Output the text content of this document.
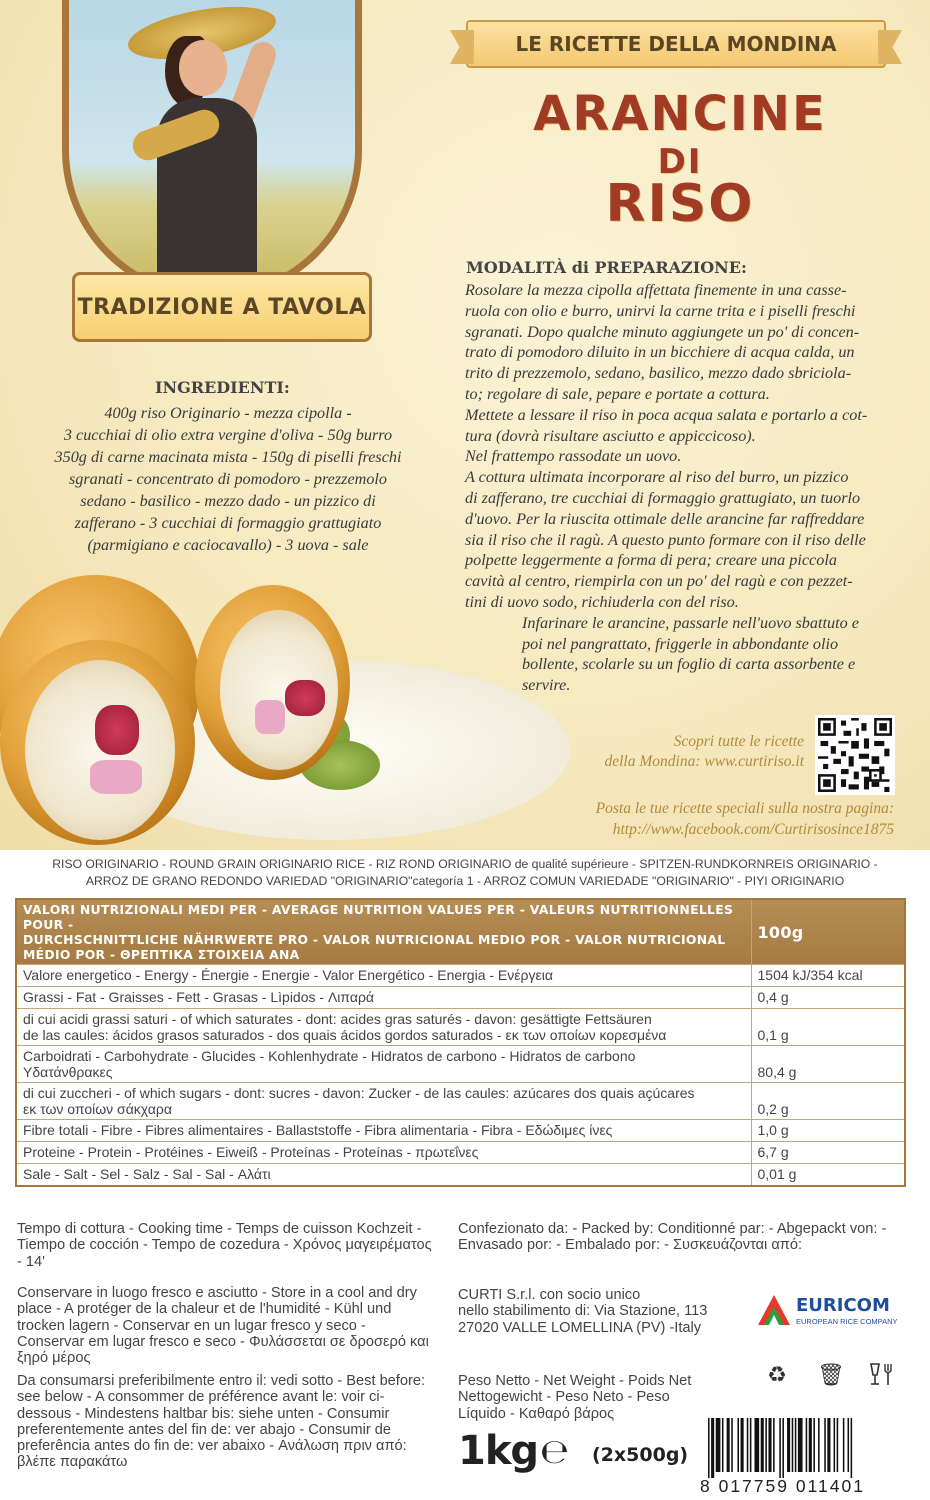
TRADIZIONE A TAVOLA
LE RICETTE DELLA MONDINA
ARANCINE
DI
RISO
MODALITÀ di PREPARAZIONE:

Rosolare la mezza cipolla affettata finemente in una casse-

ruola con olio e burro, unirvi la carne trita e i piselli freschi

sgranati. Dopo qualche minuto aggiungete un po' di concen-

trato di pomodoro diluito in un bicchiere di acqua calda, un

trito di prezzemolo, sedano, basilico, mezzo dado sbriciola-

to; regolare di sale, pepare e portate a cottura.

Mettete a lessare il riso in poca acqua salata e portarlo a cot-

tura (dovrà risultare asciutto e appiccicoso).

Nel frattempo rassodate un uovo.

A cottura ultimata incorporare al riso del burro, un pizzico

di zafferano, tre cucchiai di formaggio grattugiato, un tuorlo

d'uovo. Per la riuscita ottimale delle arancine far raffreddare

sia il riso che il ragù. A questo punto formare con il riso delle

polpette leggermente a forma di pera; creare una piccola

cavità al centro, riempirla con un po' del ragù e con pezzet-

tini di uovo sodo, richiuderla con del riso.

Infarinare le arancine, passarle nell'uovo sbattuto e

poi nel pangrattato, friggerle in abbondante olio

bollente, scolarle su un foglio di carta assorbente e

servire.

INGREDIENTI:
400g riso Originario - mezza cipolla -
3 cucchiai di olio extra vergine d'oliva - 50g burro
350g di carne macinata mista - 150g di piselli freschi
sgranati - concentrato di pomodoro - prezzemolo
sedano - basilico - mezzo dado - un pizzico di
zafferano - 3 cucchiai di formaggio grattugiato
(parmigiano e caciocavallo) - 3 uova - sale
Scopri tutte le ricette
della Mondina: www.curtiriso.it
Posta le tue ricette speciali sulla nostra pagina:
http://www.facebook.com/Curtirisosince1875
RISO ORIGINARIO - ROUND GRAIN ORIGINARIO RICE - RIZ ROND ORIGINARIO de qualité supérieure - SPITZEN-RUNDKORNREIS ORIGINARIO -
ARROZ DE GRANO REDONDO VARIEDAD "ORIGINARIO"categoría 1 - ARROZ COMUN VARIEDADE "ORIGINARIO" - PIYI ORIGINARIO
VALORI NUTRIZIONALI MEDI PER - AVERAGE NUTRITION VALUES PER - VALEURS NUTRITIONNELLES POUR -
DURCHSCHNITTLICHE NÄHRWERTE PRO - VALOR NUTRICIONAL MEDIO POR - VALOR NUTRICIONAL MÉDIO POR - ΘΡΕΠΤΙΚΑ ΣΤΟΙΧΕΙΑ ΑΝΑ	100g
Valore energetico - Energy - Énergie - Energie - Valor Energético - Energia - Ενέργεια	1504 kJ/354 kcal
Grassi - Fat - Graisses - Fett - Grasas - Lìpidos - Λιπαρά	0,4 g

di cui acidi grassi saturi - of which saturates - dont: acides gras saturés - davon: gesättigte Fettsäuren
de las caules: ácidos grasos saturados - dos quais ácidos gordos saturados - εκ των οποίων κορεσμένα	0,1 g

Carboidrati - Carbohydrate - Glucides - Kohlenhydrate - Hidratos de carbono - Hidratos de carbono
Υδατάνθρακες	80,4 g

di cui zuccheri - of which sugars - dont: sucres - davon: Zucker - de las caules: azúcares dos quais açúcares
εκ των οποίων σάκχαρα	0,2 g
Fibre totali - Fibre - Fibres alimentaires - Ballaststoffe - Fibra alimentaria - Fibra - Εδώδιμες ίνες	1,0 g
Proteine - Protein - Protéines - Eiweiß - Proteínas - Proteínas - πρωτεΐνες	6,7 g
Sale - Salt - Sel - Salz - Sal - Sal - Αλάτι	0,01 g
Tempo di cottura - Cooking time - Temps de cuisson Kochzeit - Tiempo de cocción - Tempo de cozedura - Χρόνος μαγειρέματος - 14'
Conservare in luogo fresco e asciutto - Store in a cool and dry place - A protéger de la chaleur et de l'humidité - Kühl und trocken lagern - Conservar en un lugar fresco y seco - Conservar em lugar fresco e seco - Φυλάσσεται σε δροσερό και ξηρό μέρος
Da consumarsi preferibilmente entro il: vedi sotto - Best before: see below - A consommer de préférence avant le: voir ci-dessous - Mindestens haltbar bis: siehe unten - Consumir preferentemente antes del fin de: ver abajo - Consumir de preferência antes do fin de: ver abaixo - Ανάλωση πριν από: βλέπε παρακάτω
Confezionato da: - Packed by: Conditionné par: - Abgepackt von: - Envasado por: - Embalado por: - Συσκευάζονται από:
CURTI S.r.l. con socio unico
nello stabilimento di: Via Stazione, 113
27020 VALLE LOMELLINA (PV) -Italy
EURICOM
EUROPEAN RICE COMPANY
Peso Netto - Net Weight - Poids Net Nettogewicht - Peso Neto - Peso Líquido - Καθαρό βάρος
♻ 🗑
1kg ℮ (2x500g)
8 017759 011401
